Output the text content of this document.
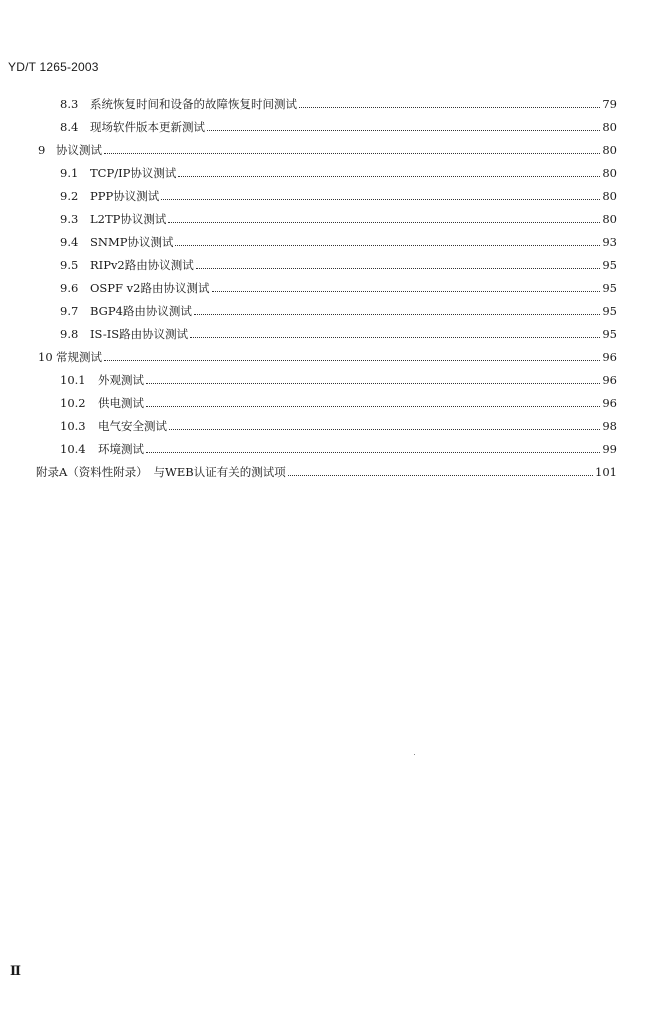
YD/T 1265-2003
8.3	系统恢复时间和设备的故障恢复时间测试	79
8.4	现场软件版本更新测试	80
9 协议测试	80
9.1	TCP/IP协议测试	80
9.2	PPP协议测试	80
9.3	L2TP协议测试	80
9.4	SNMP协议测试	93
9.5	RIPv2路由协议测试	95
9.6	OSPF v2路由协议测试	95
9.7	BGP4路由协议测试	95
9.8	IS-IS路由协议测试	95
10 常规测试	96
10.1	外观测试	96
10.2	供电测试	96
10.3	电气安全测试	98
10.4	环境测试	99
附录A（资料性附录）　与WEB认证有关的测试项	101
Ⅱ
